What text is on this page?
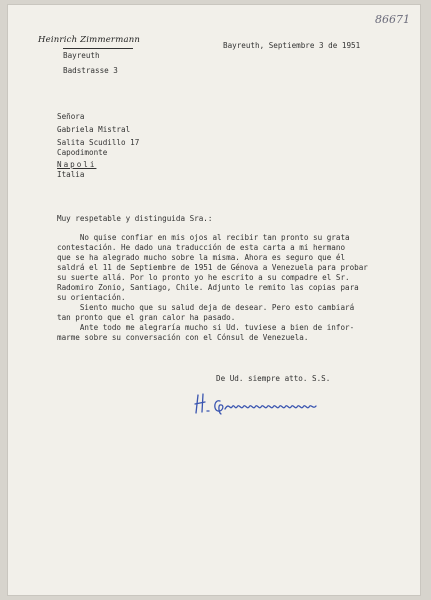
86671
Heinrich Zimmermann
Bayreuth
Badstrasse 3
Bayreuth, Septiembre 3 de 1951
Señora
Gabriela Mistral
Salita Scudillo 17
Capodimonte
Napoli
Italia
Muy respetable y distinguida Sra.:
No quise confiar en mis ojos al recibir tan pronto su grata
contestación. He dado una traducción de esta carta a mi hermano
que se ha alegrado mucho sobre la misma. Ahora es seguro que él
saldrá el 11 de Septiembre de 1951 de Génova a Venezuela para probar
su suerte allá. Por lo pronto yo he escrito a su compadre el Sr.
Radomiro Zonio, Santiago, Chile. Adjunto le remito las copias para
su orientación.
Siento mucho que su salud deja de desear. Pero esto cambiará
tan pronto que el gran calor ha pasado.
Ante todo me alegraría mucho si Ud. tuviese a bien de infor-
marme sobre su conversación con el Cónsul de Venezuela.
De Ud. siempre atto. S.S.
